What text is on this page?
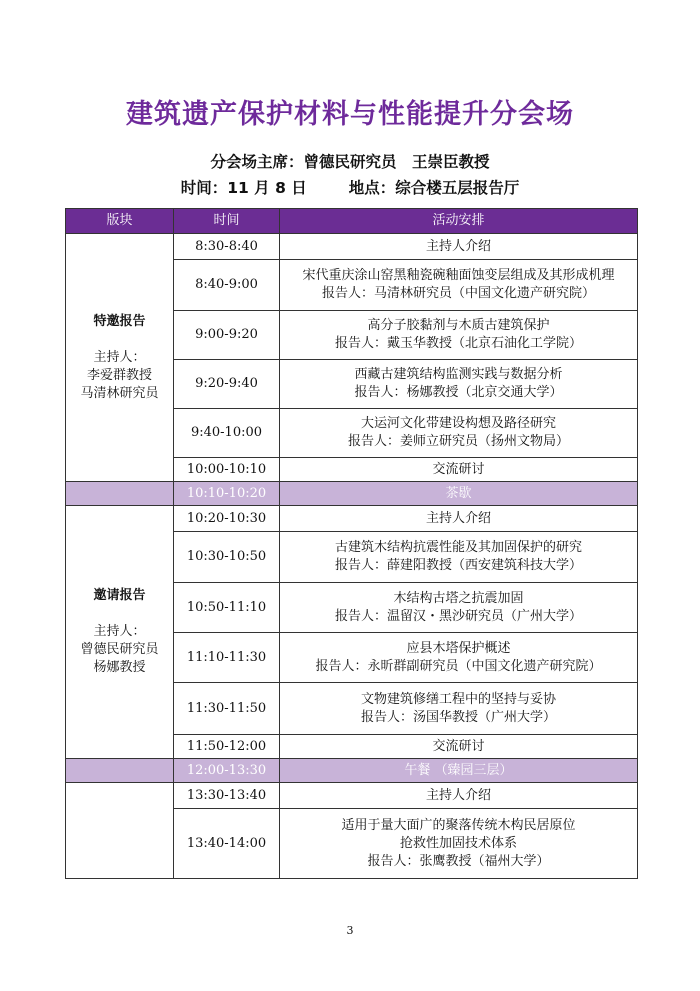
建筑遗产保护材料与性能提升分会场
分会场主席：曾德民研究员　王崇臣教授
时间：11 月 8 日	地点：综合楼五层报告厅
版块	时间	活动安排

特邀报告
主持人：
李爱群教授
马清林研究员	8:30-8:40	主持人介绍

	8:40-9:00	宋代重庆涂山窑黑釉瓷碗釉面蚀变层组成及其形成机理
报告人：马清林研究员（中国文化遗产研究院）

	9:00-9:20	高分子胶黏剂与木质古建筑保护
报告人：戴玉华教授（北京石油化工学院）

	9:20-9:40	西藏古建筑结构监测实践与数据分析
报告人：杨娜教授（北京交通大学）

	9:40-10:00	大运河文化带建设构想及路径研究
报告人：姜师立研究员（扬州文物局）

	10:00-10:10	交流研讨

	10:10-10:20	茶歇

邀请报告
主持人：
曾德民研究员
杨娜教授	10:20-10:30	主持人介绍

	10:30-10:50	古建筑木结构抗震性能及其加固保护的研究
报告人：薛建阳教授（西安建筑科技大学）

	10:50-11:10	木结构古塔之抗震加固
报告人：温留汉・黑沙研究员（广州大学）

	11:10-11:30	应县木塔保护概述
报告人：永昕群副研究员（中国文化遗产研究院）

	11:30-11:50	文物建筑修缮工程中的坚持与妥协
报告人：汤国华教授（广州大学）

	11:50-12:00	交流研讨

	12:00-13:30	午餐 （臻园三层）

	13:30-13:40	主持人介绍

	13:40-14:00	适用于量大面广的聚落传统木构民居原位
抢救性加固技术体系
报告人：张鹰教授（福州大学）
3
